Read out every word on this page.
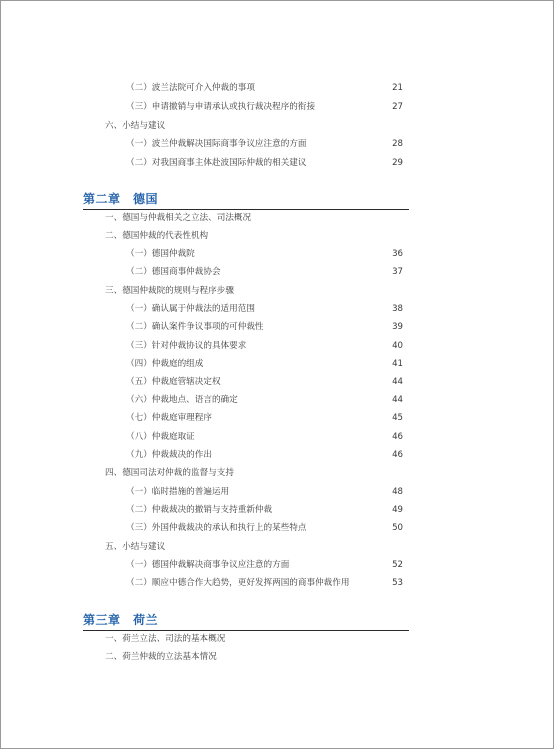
（二）波兰法院可介入仲裁的事项	21
（三）申请撤销与申请承认或执行裁决程序的衔接	27
六、小结与建议
（一）波兰仲裁解决国际商事争议应注意的方面	28
（二）对我国商事主体赴波国际仲裁的相关建议	29
第二章　德国
一、德国与仲裁相关之立法、司法概况
二、德国仲裁的代表性机构
（一）德国仲裁院	36
（二）德国商事仲裁协会	37
三、德国仲裁院的规则与程序步骤
（一）确认属于仲裁法的适用范围	38
（二）确认案件争议事项的可仲裁性	39
（三）针对仲裁协议的具体要求	40
（四）仲裁庭的组成	41
（五）仲裁庭管辖决定权	44
（六）仲裁地点、语言的确定	44
（七）仲裁庭审理程序	45
（八）仲裁庭取证	46
（九）仲裁裁决的作出	46
四、德国司法对仲裁的监督与支持
（一）临时措施的普遍运用	48
（二）仲裁裁决的撤销与支持重新仲裁	49
（三）外国仲裁裁决的承认和执行上的某些特点	50
五、小结与建议
（一）德国仲裁解决商事争议应注意的方面	52
（二）顺应中德合作大趋势，更好发挥两国的商事仲裁作用	53
第三章　荷兰
一、荷兰立法、司法的基本概况
二、荷兰仲裁的立法基本情况
